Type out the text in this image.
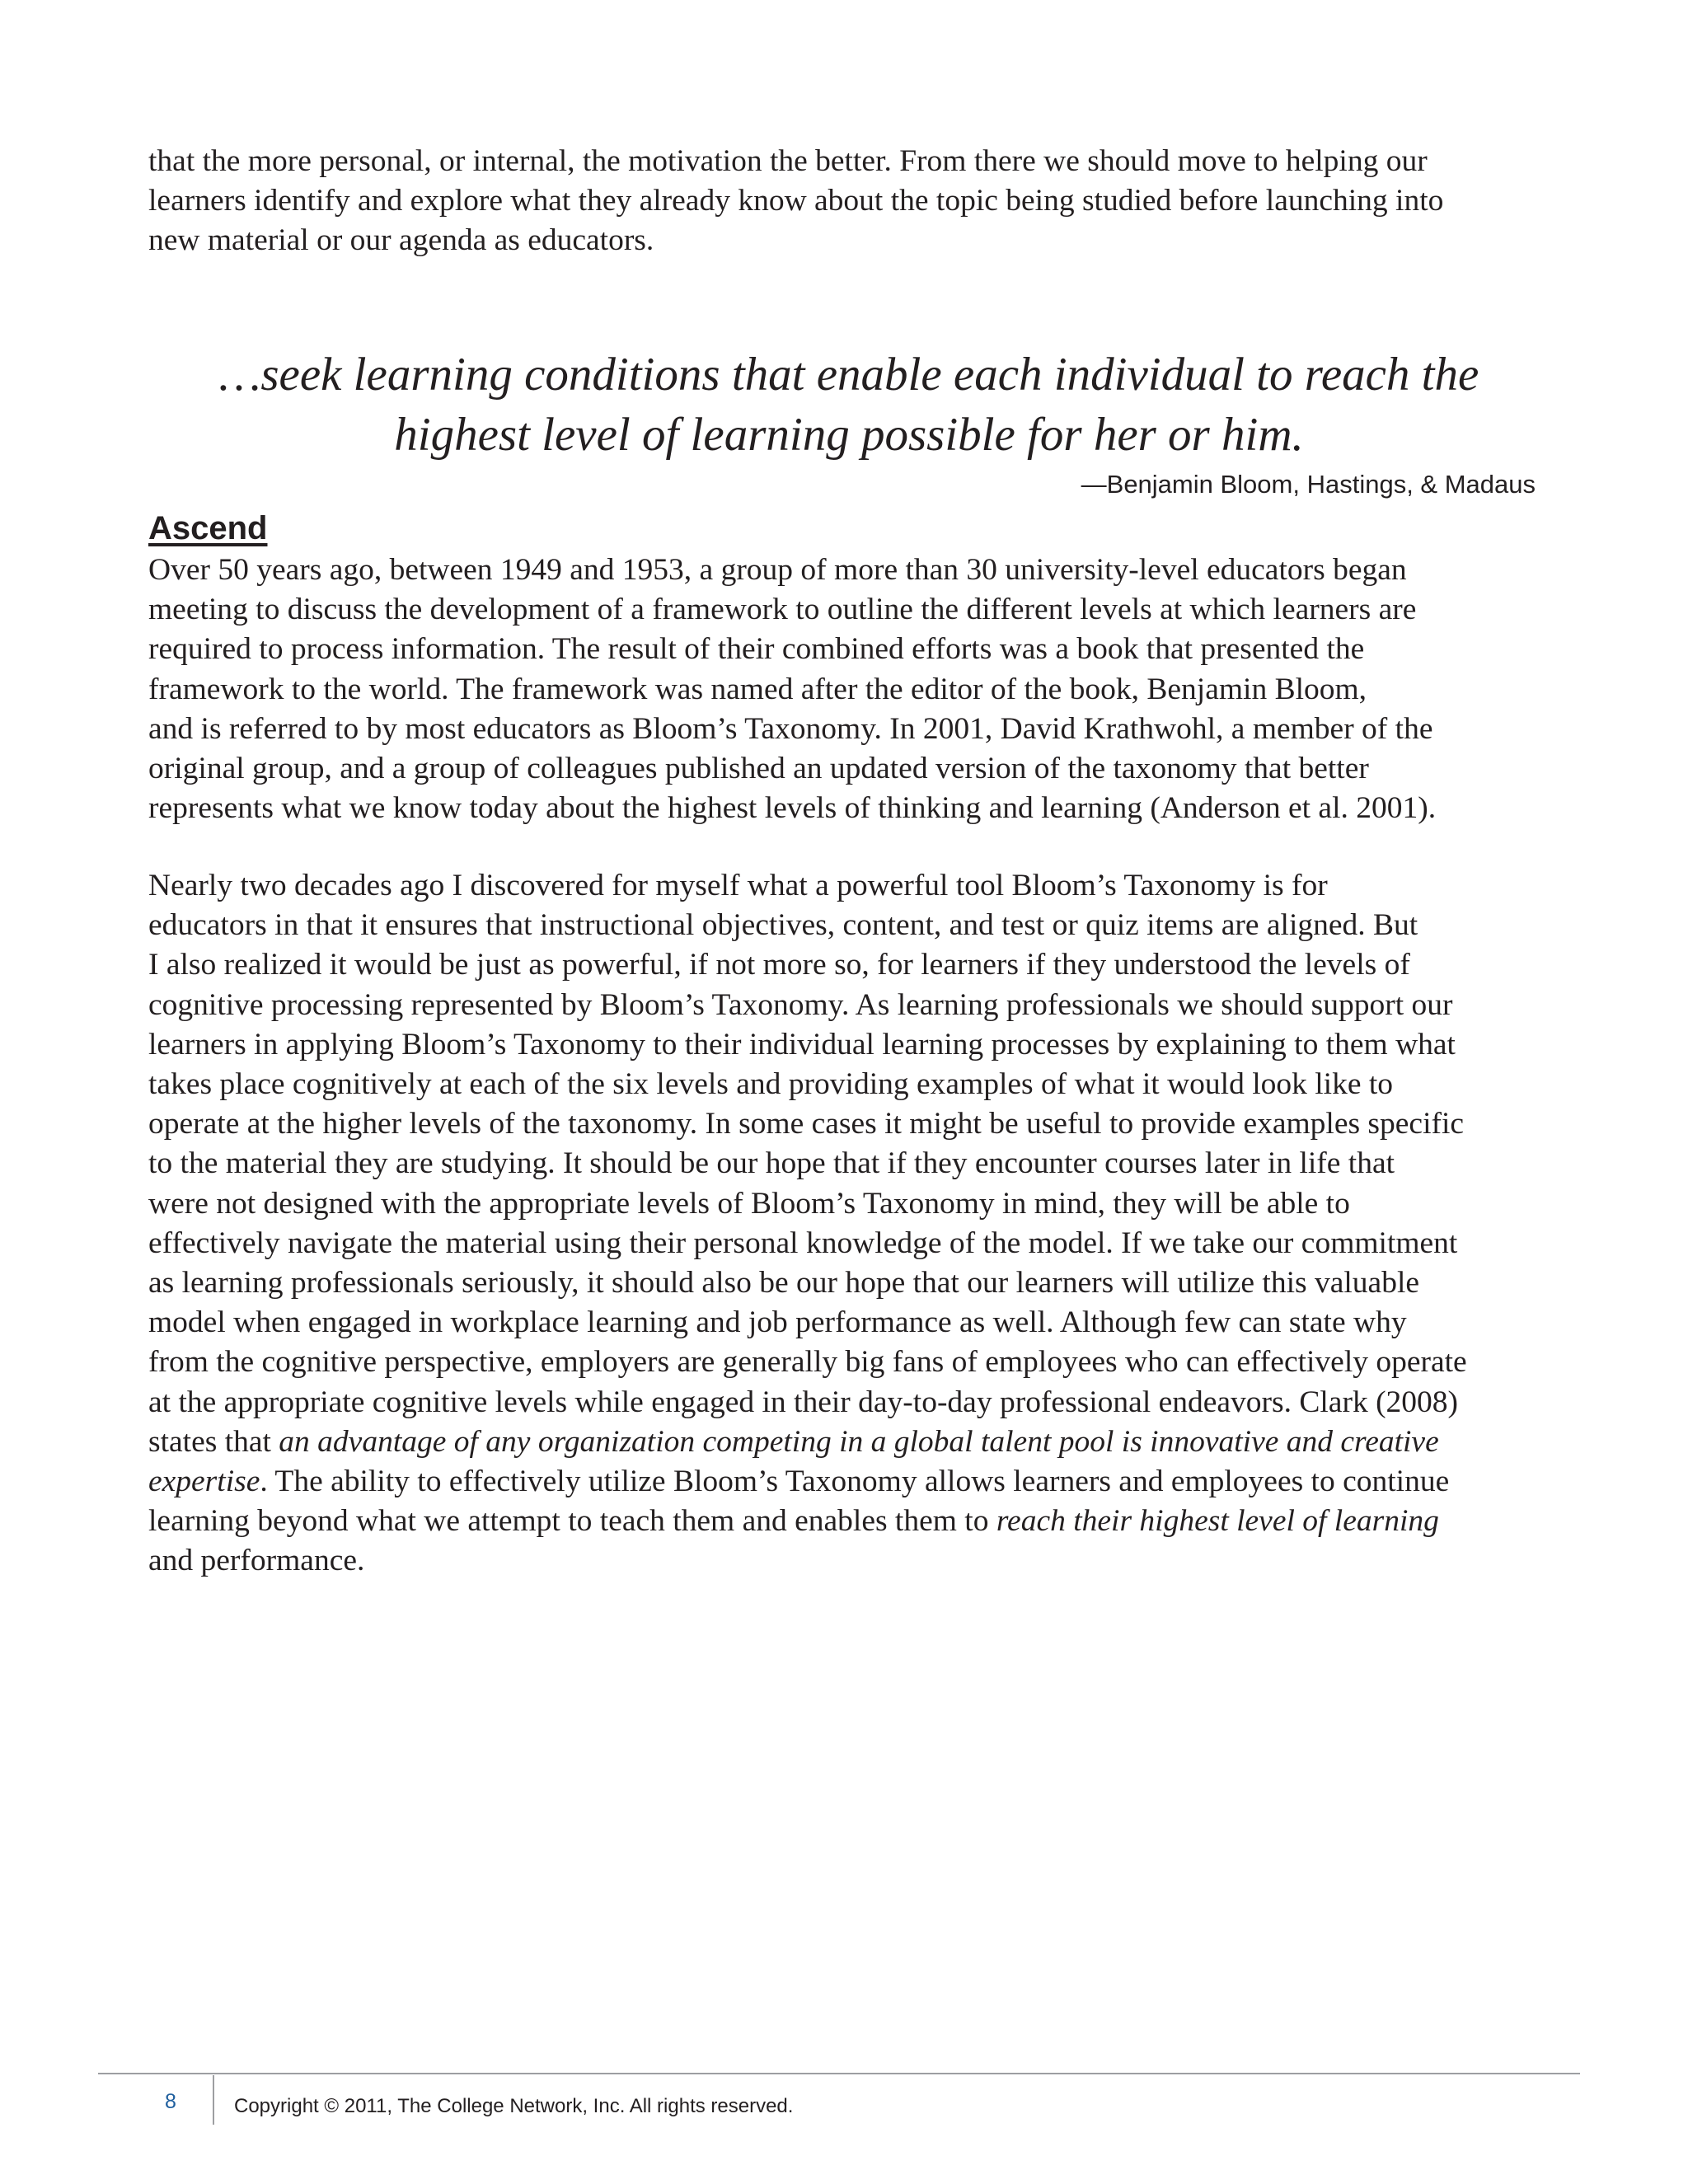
that the more personal, or internal, the motivation the better. From there we should move to helping our
learners identify and explore what they already know about the topic being studied before launching into
new material or our agenda as educators.

…seek learning conditions that enable each individual to reach the
highest level of learning possible for her or him.

—Benjamin Bloom, Hastings, & Madaus
Ascend

Over 50 years ago, between 1949 and 1953, a group of more than 30 university-level educators began
meeting to discuss the development of a framework to outline the different levels at which learners are
required to process information. The result of their combined efforts was a book that presented the
framework to the world. The framework was named after the editor of the book, Benjamin Bloom,
and is referred to by most educators as Bloom’s Taxonomy. In 2001, David Krathwohl, a member of the
original group, and a group of colleagues published an updated version of the taxonomy that better
represents what we know today about the highest levels of thinking and learning (Anderson et al. 2001).

Nearly two decades ago I discovered for myself what a powerful tool Bloom’s Taxonomy is for
educators in that it ensures that instructional objectives, content, and test or quiz items are aligned. But
I also realized it would be just as powerful, if not more so, for learners if they understood the levels of
cognitive processing represented by Bloom’s Taxonomy. As learning professionals we should support our
learners in applying Bloom’s Taxonomy to their individual learning processes by explaining to them what
takes place cognitively at each of the six levels and providing examples of what it would look like to
operate at the higher levels of the taxonomy. In some cases it might be useful to provide examples specific
to the material they are studying. It should be our hope that if they encounter courses later in life that
were not designed with the appropriate levels of Bloom’s Taxonomy in mind, they will be able to
effectively navigate the material using their personal knowledge of the model. If we take our commitment
as learning professionals seriously, it should also be our hope that our learners will utilize this valuable
model when engaged in workplace learning and job performance as well. Although few can state why
from the cognitive perspective, employers are generally big fans of employees who can effectively operate
at the appropriate cognitive levels while engaged in their day-to-day professional endeavors. Clark (2008)
states that an advantage of any organization competing in a global talent pool is innovative and creative
expertise. The ability to effectively utilize Bloom’s Taxonomy allows learners and employees to continue
learning beyond what we attempt to teach them and enables them to reach their highest level of learning
and performance.

8	Copyright © 2011, The College Network, Inc. All rights reserved.
